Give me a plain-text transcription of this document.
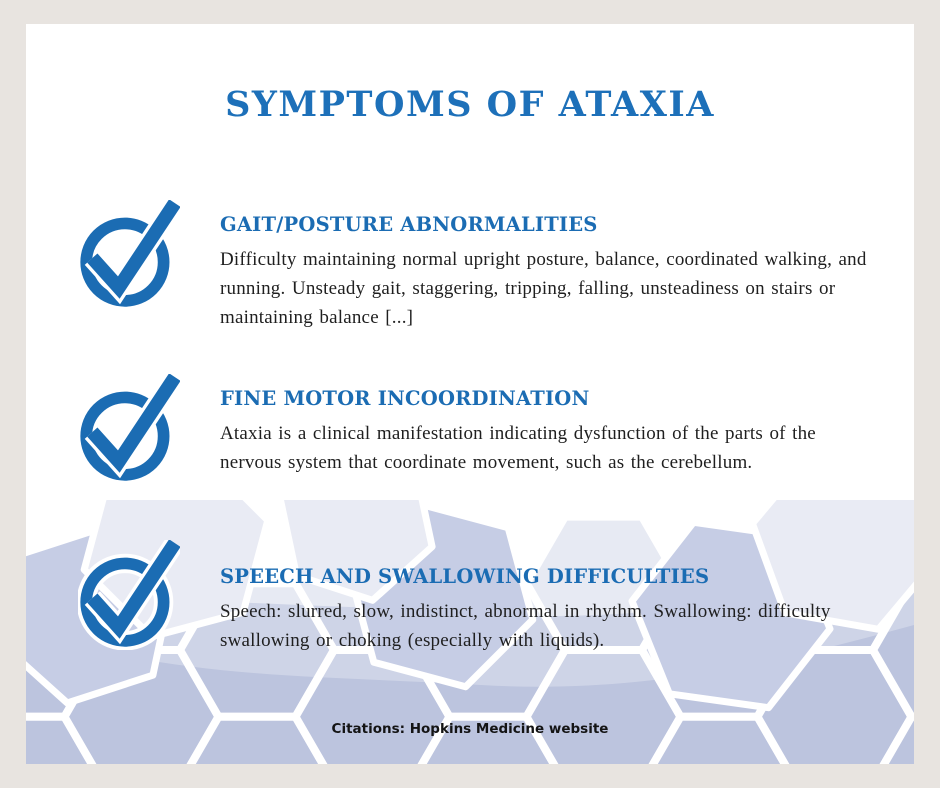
SYMPTOMS OF ATAXIA
GAIT/POSTURE ABNORMALITIES
Difficulty maintaining normal upright posture, balance, coordinated walking, and running. Unsteady gait, staggering, tripping, falling, unsteadiness on stairs or maintaining balance [...]
FINE MOTOR INCOORDINATION
Ataxia is a clinical manifestation indicating dysfunction of the parts of the nervous system that coordinate movement, such as the cerebellum.
SPEECH AND SWALLOWING DIFFICULTIES
Speech: slurred, slow, indistinct, abnormal in rhythm. Swallowing: difficulty swallowing or choking (especially with liquids).
Citations: Hopkins Medicine website
